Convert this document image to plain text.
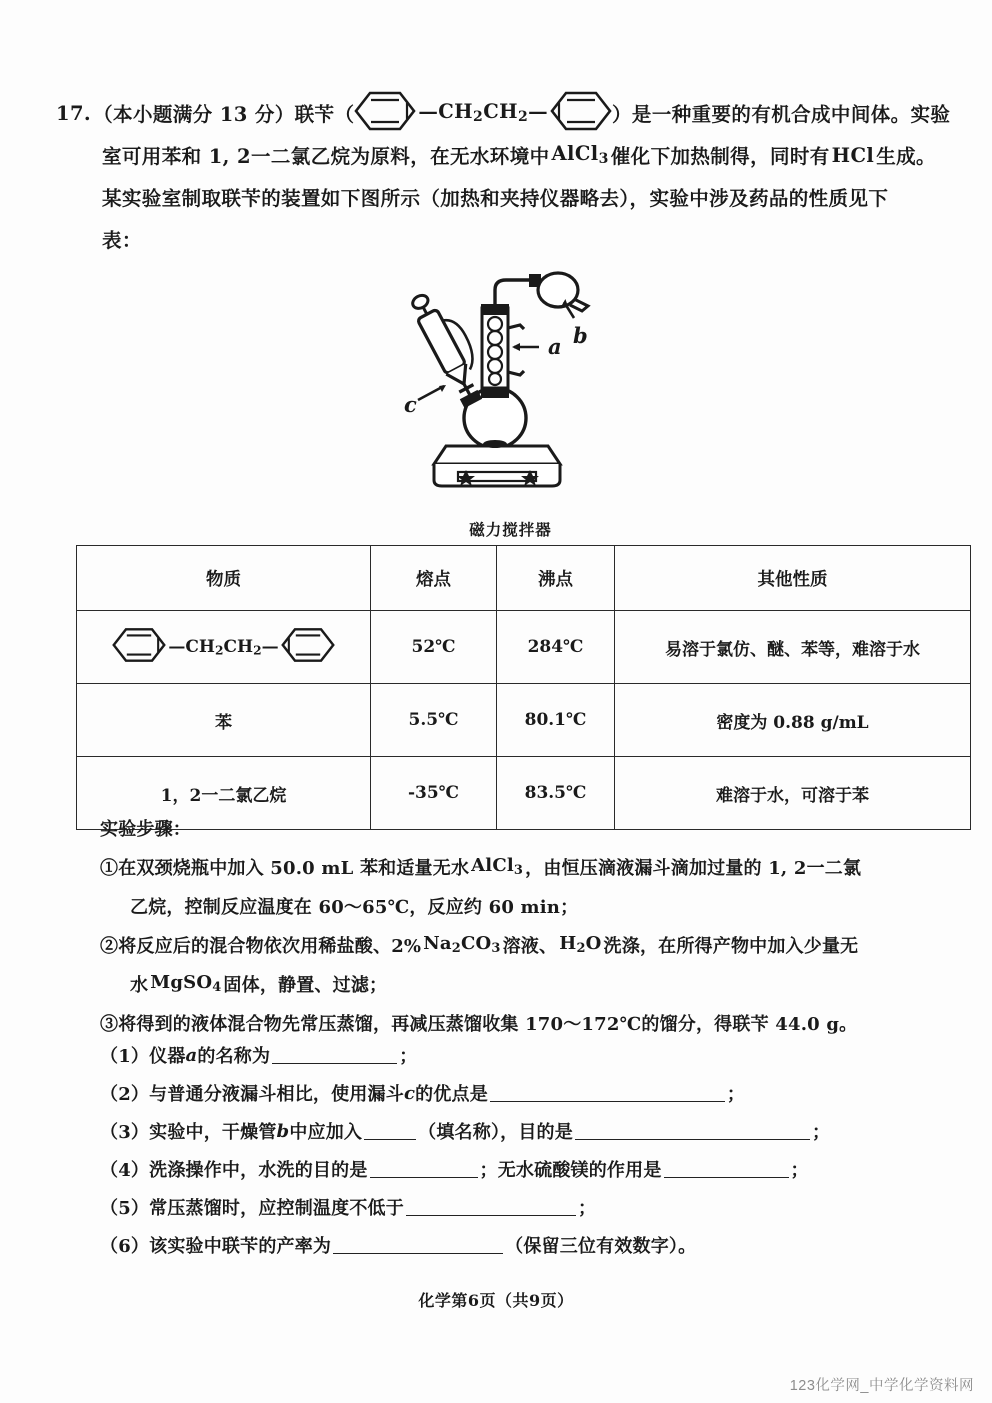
17. （本小题满分 13 分）联苄（	$—CH_2CH_2—$	）是一种重要的有机合成中间体。实验
室可用苯和 1, 2一二氯乙烷为原料，在无水环境中 AlCl$_3$ 催化下加热制得，同时有 HCl 生成。
某实验室制取联苄的装置如下图所示（加热和夹持仪器略去），实验中涉及药品的性质见下
表：
a b
c
磁力搅拌器
物质	熔点	沸点	其他性质
$—CH_2CH_2—$	52℃	284℃	易溶于氯仿、醚、苯等，难溶于水
苯	5.5℃	80.1℃	密度为 0.88 g/mL
1，2一二氯乙烷	-35℃	83.5℃	难溶于水，可溶于苯
实验步骤：
①在双颈烧瓶中加入 50.0 mL 苯和适量无水 AlCl$_3$ ，由恒压滴液漏斗滴加过量的 1, 2一二氯
乙烷，控制反应温度在 60～65℃，反应约 60 min；
②将反应后的混合物依次用稀盐酸、2% $Na_2CO_3$ 溶液、 $H_2O$ 洗涤，在所得产物中加入少量无
水 MgSO$_4$ 固体，静置、过滤；
③将得到的液体混合物先常压蒸馏，再减压蒸馏收集 170～172℃的馏分，得联苄 44.0 g。
（1） 仪器 a 的名称为	；
（2） 与普通分液漏斗相比，使用漏斗 c 的优点是	；
（3） 实验中，干燥管 b 中应加入	（填名称），目的是	；
（4） 洗涤操作中，水洗的目的是	；无水硫酸镁的作用是	；
（5） 常压蒸馏时，应控制温度不低于	；
（6） 该实验中联苄的产率为	（保留三位有效数字）。
化学第6页（共9页）
123化学网_中学化学资料网
